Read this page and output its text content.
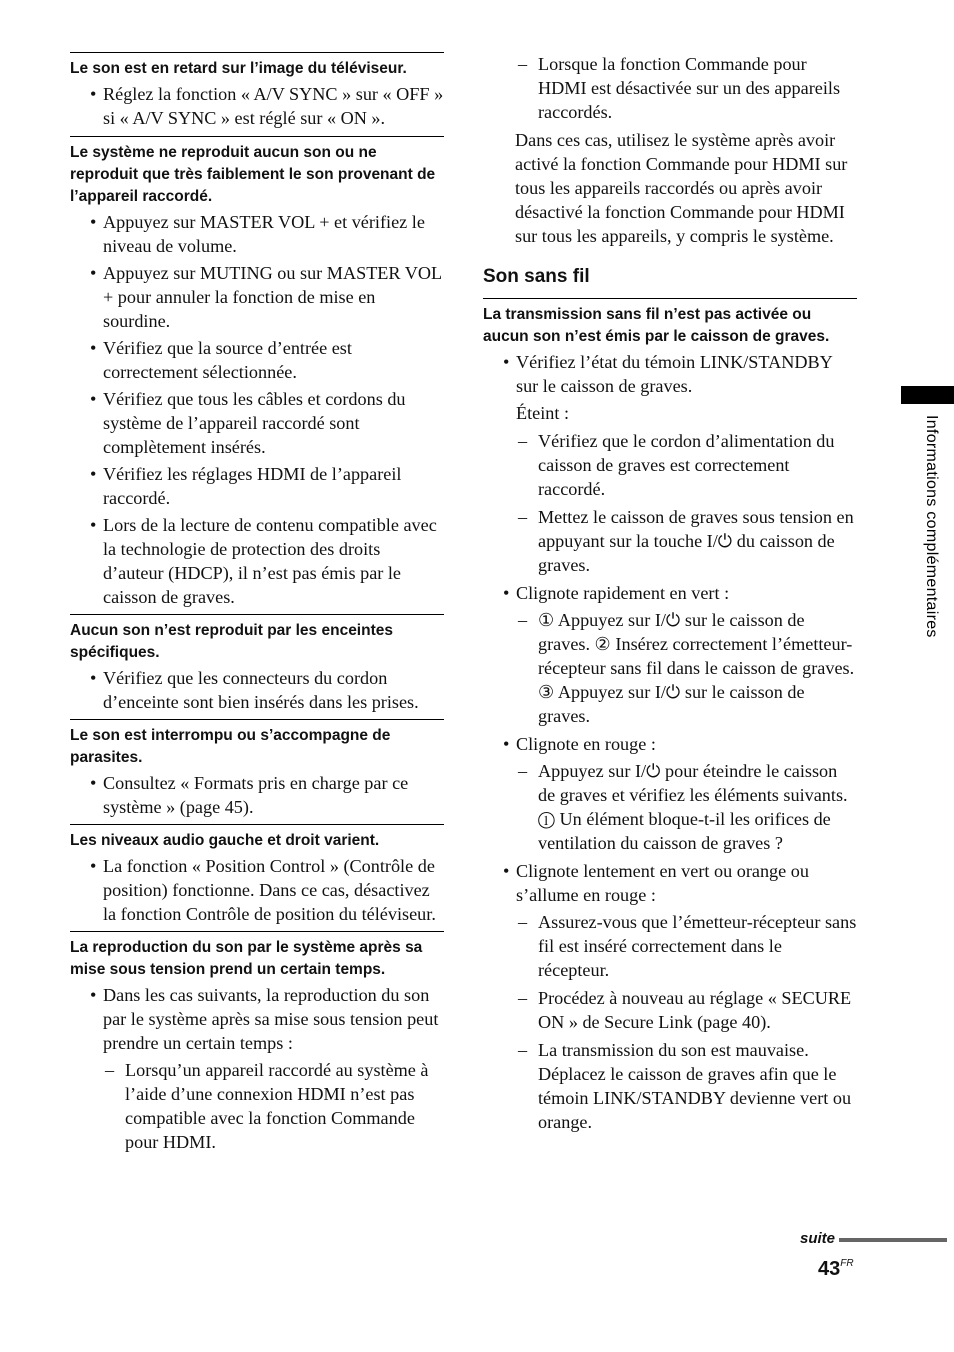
Le son est en retard sur l’image du téléviseur.
• Réglez la fonction « A/V SYNC » sur « OFF » si « A/V SYNC » est réglé sur « ON ».
Le système ne reproduit aucun son ou ne reproduit que très faiblement le son provenant de l’appareil raccordé.
• Appuyez sur MASTER VOL + et vérifiez le niveau de volume.
• Appuyez sur MUTING ou sur MASTER VOL + pour annuler la fonction de mise en sourdine.
• Vérifiez que la source d’entrée est correctement sélectionnée.
• Vérifiez que tous les câbles et cordons du système de l’appareil raccordé sont complètement insérés.
• Vérifiez les réglages HDMI de l’appareil raccordé.
• Lors de la lecture de contenu compatible avec la technologie de protection des droits d’auteur (HDCP), il n’est pas émis par le caisson de graves.
Aucun son n’est reproduit par les enceintes spécifiques.
• Vérifiez que les connecteurs du cordon d’enceinte sont bien insérés dans les prises.
Le son est interrompu ou s’accompagne de parasites.
• Consultez « Formats pris en charge par ce système » (page 45).
Les niveaux audio gauche et droit varient.
• La fonction « Position Control » (Contrôle de position) fonctionne. Dans ce cas, désactivez la fonction Contrôle de position du téléviseur.
La reproduction du son par le système après sa mise sous tension prend un certain temps.
• Dans les cas suivants, la reproduction du son par le système après sa mise sous tension peut prendre un certain temps :
– Lorsqu’un appareil raccordé au système à l’aide d’une connexion HDMI n’est pas compatible avec la fonction Commande pour HDMI.
– Lorsque la fonction Commande pour HDMI est désactivée sur un des appareils raccordés.
Dans ces cas, utilisez le système après avoir activé la fonction Commande pour HDMI sur tous les appareils raccordés ou après avoir désactivé la fonction Commande pour HDMI sur tous les appareils, y compris le système.
Son sans fil
La transmission sans fil n’est pas activée ou aucun son n’est émis par le caisson de graves.
• Vérifiez l’état du témoin LINK/STANDBY sur le caisson de graves.
Éteint :
– Vérifiez que le cordon d’alimentation du caisson de graves est correctement raccordé.
– Mettez le caisson de graves sous tension en appuyant sur la touche I/⏻ du caisson de graves.
• Clignote rapidement en vert :
– ① Appuyez sur I/⏻ sur le caisson de graves. ② Insérez correctement l’émetteur-récepteur sans fil dans le caisson de graves. ③ Appuyez sur I/⏻ sur le caisson de graves.
• Clignote en rouge :
– Appuyez sur I/⏻ pour éteindre le caisson de graves et vérifiez les éléments suivants. ① Un élément bloque-t-il les orifices de ventilation du caisson de graves ?
• Clignote lentement en vert ou orange ou s’allume en rouge :
– Assurez-vous que l’émetteur-récepteur sans fil est inséré correctement dans le récepteur.
– Procédez à nouveau au réglage « SECURE ON » de Secure Link (page 40).
– La transmission du son est mauvaise. Déplacez le caisson de graves afin que le témoin LINK/STANDBY devienne vert ou orange.
Informations complémentaires
suite
$43^{FR}$
